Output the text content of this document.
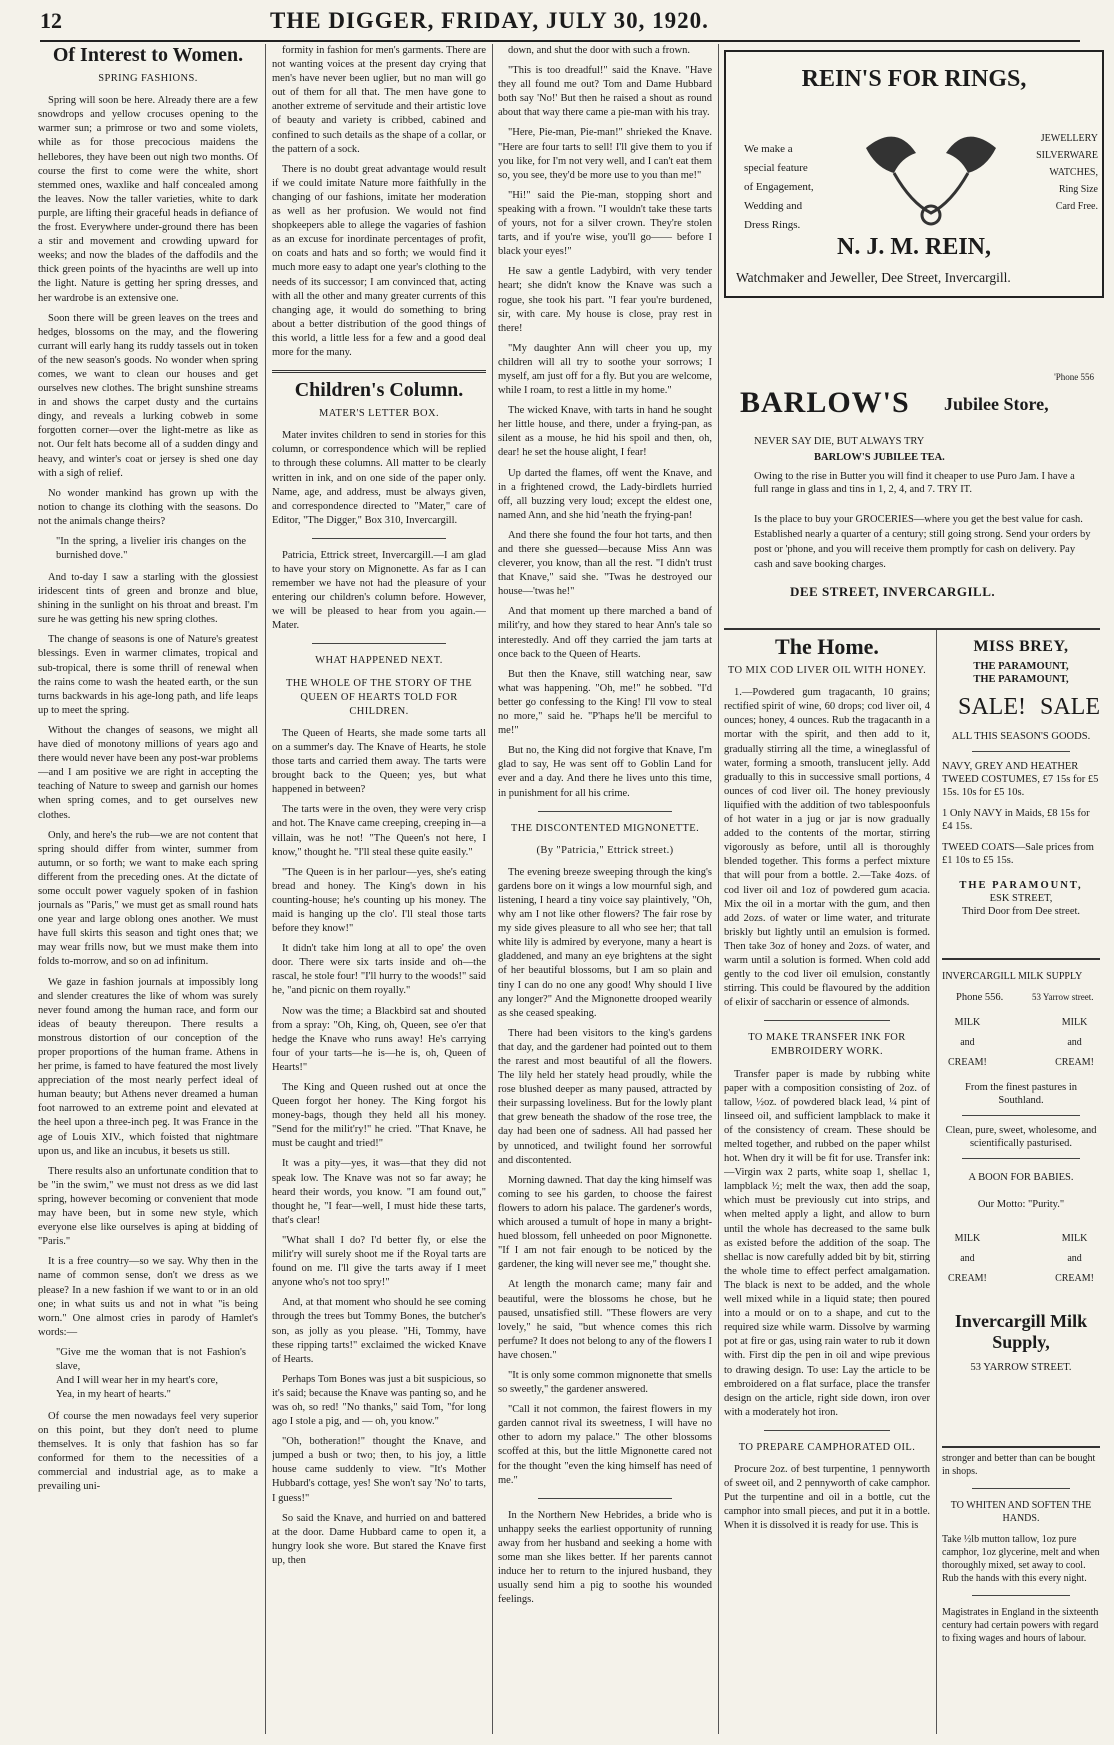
12	THE DIGGER, FRIDAY, JULY 30, 1920.
Of Interest to Women.
SPRING FASHIONS.

Spring will soon be here. Already there are a few snowdrops and yellow crocuses opening to the warmer sun; a primrose or two and some violets, while as for those precocious maidens the hellebores, they have been out nigh two months. Of course the first to come were the white, short stemmed ones, waxlike and half concealed among the leaves. Now the taller varieties, white to dark purple, are lifting their graceful heads in defiance of the frost. Everywhere under-ground there has been a stir and movement and crowding upward for weeks; and now the blades of the daffodils and the thick green points of the hyacinths are well up into the light. Nature is getting her spring dresses, and her wardrobe is an extensive one.

Soon there will be green leaves on the trees and hedges, blossoms on the may, and the flowering currant will early hang its ruddy tassels out in token of the new season's goods. No wonder when spring comes, we want to clean our houses and get ourselves new clothes. The bright sunshine streams in and shows the carpet dusty and the curtains dingy, and reveals a lurking cobweb in some forgotten corner—over the light-metre as like as not. Our felt hats become all of a sudden dingy and heavy, and winter's coat or jersey is shed one day with a sigh of relief.

No wonder mankind has grown up with the notion to change its clothing with the seasons. Do not the animals change theirs?

"In the spring, a livelier iris changes on the burnished dove."

And to-day I saw a starling with the glossiest iridescent tints of green and bronze and blue, shining in the sunlight on his throat and breast. I'm sure he was getting his new spring clothes.

The change of seasons is one of Nature's greatest blessings. Even in warmer climates, tropical and sub-tropical, there is some thrill of renewal when the rains come to wash the heated earth, or the sun turns backwards in his age-long path, and life leaps up to meet the spring.

Without the changes of seasons, we might all have died of monotony millions of years ago and there would never have been any post-war problems—and I am positive we are right in accepting the teaching of Nature to sweep and garnish our homes when spring comes, and to get ourselves new clothes.

Only, and here's the rub—we are not content that spring should differ from winter, summer from autumn, or so forth; we want to make each spring different from the preceding ones. At the dictate of some occult power vaguely spoken of in fashion journals as "Paris," we must get as small round hats one year and large oblong ones another. We must have full skirts this season and tight ones that; we may wear frills now, but we must make them into folds to-morrow, and so on ad infinitum.

We gaze in fashion journals at impossibly long and slender creatures the like of whom was surely never found among the human race, and form our ideas of beauty thereupon. There results a monstrous distortion of our conception of the proper proportions of the human frame. Athens in her prime, is famed to have featured the most lively appreciation of the most nearly perfect ideal of human beauty; but Athens never dreamed a human foot narrowed to an extreme point and elevated at the heel upon a three-inch peg. It was France in the age of Louis XIV., which foisted that nightmare upon us, and like an incubus, it besets us still.

There results also an unfortunate condition that to be "in the swim," we must not dress as we did last spring, however becoming or convenient that mode may have been, but in some new style, which everyone else like ourselves is aping at bidding of "Paris."

It is a free country—so we say. Why then in the name of common sense, don't we dress as we please? In a new fashion if we want to or in an old one; in what suits us and not in what "is being worn." One almost cries in parody of Hamlet's words:—

"Give me the woman that is not Fashion's slave,
And I will wear her in my heart's core,
Yea, in my heart of hearts."

Of course the men nowadays feel very superior on this point, but they don't need to plume themselves. It is only that fashion has so far conformed for them to the necessities of a commercial and industrial age, as to make a prevailing uni-

formity in fashion for men's garments. There are not wanting voices at the present day crying that men's have never been uglier, but no man will go out of them for all that. The men have gone to another extreme of servitude and their artistic love of beauty and variety is cribbed, cabined and confined to such details as the shape of a collar, or the pattern of a sock.

There is no doubt great advantage would result if we could imitate Nature more faithfully in the changing of our fashions, imitate her moderation as well as her profusion. We would not find shopkeepers able to allege the vagaries of fashion as an excuse for inordinate percentages of profit, on coats and hats and so forth; we would find it much more easy to adapt one year's clothing to the needs of its successor; I am convinced that, acting with all the other and many greater currents of this changing age, it would do something to bring about a better distribution of the good things of this world, a little less for a few and a good deal more for the many.

Children's Column.
MATER'S LETTER BOX.

Mater invites children to send in stories for this column, or correspondence which will be replied to through these columns. All matter to be clearly written in ink, and on one side of the paper only. Name, age, and address, must be always given, and correspondence directed to "Mater," care of Editor, "The Digger," Box 310, Invercargill.

Patricia, Ettrick street, Invercargill.—I am glad to have your story on Mignonette. As far as I can remember we have not had the pleasure of your entering our children's column before. However, we will be pleased to hear from you again.—Mater.

WHAT HAPPENED NEXT.
THE WHOLE OF THE STORY OF THE QUEEN OF HEARTS TOLD FOR CHILDREN.

The Queen of Hearts, she made some tarts all on a summer's day. The Knave of Hearts, he stole those tarts and carried them away. The tarts were brought back to the Queen; yes, but what happened in between?

The tarts were in the oven, they were very crisp and hot. The Knave came creeping, creeping in—a villain, was he not! "The Queen's not here, I know," thought he. "I'll steal these quite easily."

"The Queen is in her parlour—yes, she's eating bread and honey. The King's down in his counting-house; he's counting up his money. The maid is hanging up the clo'. I'll steal those tarts before they know!"

It didn't take him long at all to ope' the oven door. There were six tarts inside and oh—the rascal, he stole four! "I'll hurry to the woods!" said he, "and picnic on them royally."

Now was the time; a Blackbird sat and shouted from a spray: "Oh, King, oh, Queen, see o'er that hedge the Knave who runs away! He's carrying four of your tarts—he is—he is, oh, Queen of Hearts!"

The King and Queen rushed out at once the Queen forgot her honey. The King forgot his money-bags, though they held all his money. "Send for the milit'ry!" he cried. "That Knave, he must be caught and tried!"

It was a pity—yes, it was—that they did not speak low. The Knave was not so far away; he heard their words, you know. "I am found out," thought he, "I fear—well, I must hide these tarts, that's clear!

"What shall I do? I'd better fly, or else the milit'ry will surely shoot me if the Royal tarts are found on me. I'll give the tarts away if I meet anyone who's not too spry!"

And, at that moment who should he see coming through the trees but Tommy Bones, the butcher's son, as jolly as you please. "Hi, Tommy, have these ripping tarts!" exclaimed the wicked Knave of Hearts.

Perhaps Tom Bones was just a bit suspicious, so it's said; because the Knave was panting so, and he was oh, so red! "No thanks," said Tom, "for long ago I stole a pig, and — oh, you know."

"Oh, botheration!" thought the Knave, and jumped a bush or two; then, to his joy, a little house came suddenly to view. "It's Mother Hubbard's cottage, yes! She won't say 'No' to tarts, I guess!"

So said the Knave, and hurried on and battered at the door. Dame Hubbard came to open it, a hungry look she wore. But stared the Knave first up, then

down, and shut the door with such a frown.

"This is too dreadful!" said the Knave. "Have they all found me out? Tom and Dame Hubbard both say 'No!' But then he raised a shout as round about that way there came a pie-man with his tray.

"Here, Pie-man, Pie-man!" shrieked the Knave. "Here are four tarts to sell! I'll give them to you if you like, for I'm not very well, and I can't eat them so, you see, they'd be more use to you than me!"

"Hi!" said the Pie-man, stopping short and speaking with a frown. "I wouldn't take these tarts of yours, not for a silver crown. They're stolen tarts, and if you're wise, you'll go—— before I black your eyes!"

He saw a gentle Ladybird, with very tender heart; she didn't know the Knave was such a rogue, she took his part. "I fear you're burdened, sir, with care. My house is close, pray rest in there!

"My daughter Ann will cheer you up, my children will all try to soothe your sorrows; I myself, am just off for a fly. But you are welcome, while I roam, to rest a little in my home."

The wicked Knave, with tarts in hand he sought her little house, and there, under a frying-pan, as silent as a mouse, he hid his spoil and then, oh, dear! he set the house alight, I fear!

Up darted the flames, off went the Knave, and in a frightened crowd, the Lady-birdlets hurried off, all buzzing very loud; except the eldest one, named Ann, and she hid 'neath the frying-pan!

And there she found the four hot tarts, and then and there she guessed—because Miss Ann was cleverer, you know, than all the rest. "I didn't trust that Knave," said she. "Twas he destroyed our house—'twas he!"

And that moment up there marched a band of milit'ry, and how they stared to hear Ann's tale so interestedly. And off they carried the jam tarts at once back to the Queen of Hearts.

But then the Knave, still watching near, saw what was happening. "Oh, me!" he sobbed. "I'd better go confessing to the King! I'll vow to steal no more," said he. "P'haps he'll be merciful to me!"

But no, the King did not forgive that Knave, I'm glad to say, He was sent off to Goblin Land for ever and a day. And there he lives unto this time, in punishment for all his crime.

THE DISCONTENTED MIGNONETTE.
(By "Patricia," Ettrick street.)

The evening breeze sweeping through the king's gardens bore on it wings a low mournful sigh, and listening, I heard a tiny voice say plaintively, "Oh, why am I not like other flowers? The fair rose by my side gives pleasure to all who see her; that tall white lily is admired by everyone, many a heart is gladdened, and many an eye brightens at the sight of her beautiful blossoms, but I am so plain and tiny I can do no one any good! Why should I live any longer?" And the Mignonette drooped wearily as she ceased speaking.

There had been visitors to the king's gardens that day, and the gardener had pointed out to them the rarest and most beautiful of all the flowers. The lily held her stately head proudly, while the rose blushed deeper as many paused, attracted by their surpassing loveliness. But for the lowly plant that grew beneath the shadow of the rose tree, the day had been one of sadness. All had passed her by unnoticed, and twilight found her sorrowful and discontented.

Morning dawned. That day the king himself was coming to see his garden, to choose the fairest flowers to adorn his palace. The gardener's words, which aroused a tumult of hope in many a bright-hued blossom, fell unheeded on poor Mignonette. "If I am not fair enough to be noticed by the gardener, the king will never see me," thought she.

At length the monarch came; many fair and beautiful, were the blossoms he chose, but he paused, unsatisfied still. "These flowers are very lovely," he said, "but whence comes this rich perfume? It does not belong to any of the flowers I have chosen."

"It is only some common mignonette that smells so sweetly," the gardener answered.

"Call it not common, the fairest flowers in my garden cannot rival its sweetness, I will have no other to adorn my palace." The other blossoms scoffed at this, but the little Mignonette cared not for the thought "even the king himself has need of me."

In the Northern New Hebrides, a bride who is unhappy seeks the earliest opportunity of running away from her husband and seeking a home with some man she likes better. If her parents cannot induce her to return to the injured husband, they usually send him a pig to soothe his wounded feelings.

REIN'S FOR RINGS,
We make a
special feature
of Engagement,
Wedding and
Dress Rings.
JEWELLERY
SILVERWARE
WATCHES,
Ring Size
Card Free.
N. J. M. REIN,
Watchmaker and Jeweller, Dee Street, Invercargill.
'Phone 556
BARLOW'S Jubilee Store,
NEVER SAY DIE, BUT ALWAYS TRY
BARLOW'S JUBILEE TEA.
Owing to the rise in Butter you will find it cheaper to use Puro Jam. I have a full range in glass and tins in 1, 2, 4, and 7. TRY IT.
Is the place to buy your GROCERIES—where you get the best value for cash. Established nearly a quarter of a century; still going strong. Send your orders by post or 'phone, and you will receive them promptly for cash on delivery. Pay cash and save booking charges.
DEE STREET, INVERCARGILL.
The Home.
TO MIX COD LIVER OIL WITH HONEY.

1.—Powdered gum tragacanth, 10 grains; rectified spirit of wine, 60 drops; cod liver oil, 4 ounces; honey, 4 ounces. Rub the tragacanth in a mortar with the spirit, and then add to it, gradually stirring all the time, a wineglassful of water, forming a smooth, translucent jelly. Add gradually to this in successive small portions, 4 ounces of cod liver oil. The honey previously liquified with the addition of two tablespoonfuls of hot water in a jug or jar is now gradually added to the contents of the mortar, stirring vigorously as before, until all is thoroughly blended together. This forms a perfect mixture that will pour from a bottle. 2.—Take 4ozs. of cod liver oil and 1oz of powdered gum acacia. Mix the oil in a mortar with the gum, and then add 2ozs. of water or lime water, and triturate briskly but lightly until an emulsion is formed. Then take 3oz of honey and 2ozs. of water, and warm until a solution is formed. When cold add gently to the cod liver oil emulsion, constantly stirring. This could be flavoured by the addition of elixir of saccharin or essence of almonds.

TO MAKE TRANSFER INK FOR EMBROIDERY WORK.

Transfer paper is made by rubbing white paper with a composition consisting of 2oz. of tallow, ½oz. of powdered black lead, ¼ pint of linseed oil, and sufficient lampblack to make it of the consistency of cream. These should be melted together, and rubbed on the paper whilst hot. When dry it will be fit for use. Transfer ink:—Virgin wax 2 parts, white soap 1, shellac 1, lampblack ½; melt the wax, then add the soap, which must be previously cut into strips, and when melted apply a light, and allow to burn until the whole has decreased to the same bulk as existed before the addition of the soap. The shellac is now carefully added bit by bit, stirring the whole time to effect perfect amalgamation. The black is next to be added, and the whole well mixed while in a liquid state; then poured into a mould or on to a shape, and cut to the required size while warm. Dissolve by warming pot at fire or gas, using rain water to rub it down with. First dip the pen in oil and wipe previous to drawing design. To use: Lay the article to be embroidered on a flat surface, place the transfer design on the article, right side down, iron over with a moderately hot iron.

TO PREPARE CAMPHORATED OIL.

Procure 2oz. of best turpentine, 1 pennyworth of sweet oil, and 2 pennyworth of cake camphor. Put the turpentine and oil in a bottle, cut the camphor into small pieces, and put it in a bottle. When it is dissolved it is ready for use. This is

MISS BREY,
THE PARAMOUNT,
THE PARAMOUNT,
SALE! SALE
ALL THIS SEASON'S GOODS.
NAVY, GREY AND HEATHER TWEED COSTUMES, £7 15s for £5 15s. 10s for £5 10s.
1 Only NAVY in Maids, £8 15s for £4 15s.
TWEED COATS—Sale prices from £1 10s to £5 15s.
THE PARAMOUNT,
ESK STREET,
Third Door from Dee street.
INVERCARGILL MILK SUPPLY
Phone 556.	53 Yarrow street.
MILK
and
CREAM!
MILK
and
CREAM!
From the finest pastures in Southland.
Clean, pure, sweet, wholesome, and scientifically pasturised.
A BOON FOR BABIES.
Our Motto: "Purity."
MILK
and
CREAM!
MILK
and
CREAM!
Invercargill Milk
Supply,
53 YARROW STREET.
stronger and better than can be bought in shops.
TO WHITEN AND SOFTEN THE HANDS.
Take ½lb mutton tallow, 1oz pure camphor, 1oz glycerine, melt and when thoroughly mixed, set away to cool. Rub the hands with this every night.
Magistrates in England in the sixteenth century had certain powers with regard to fixing wages and hours of labour.
